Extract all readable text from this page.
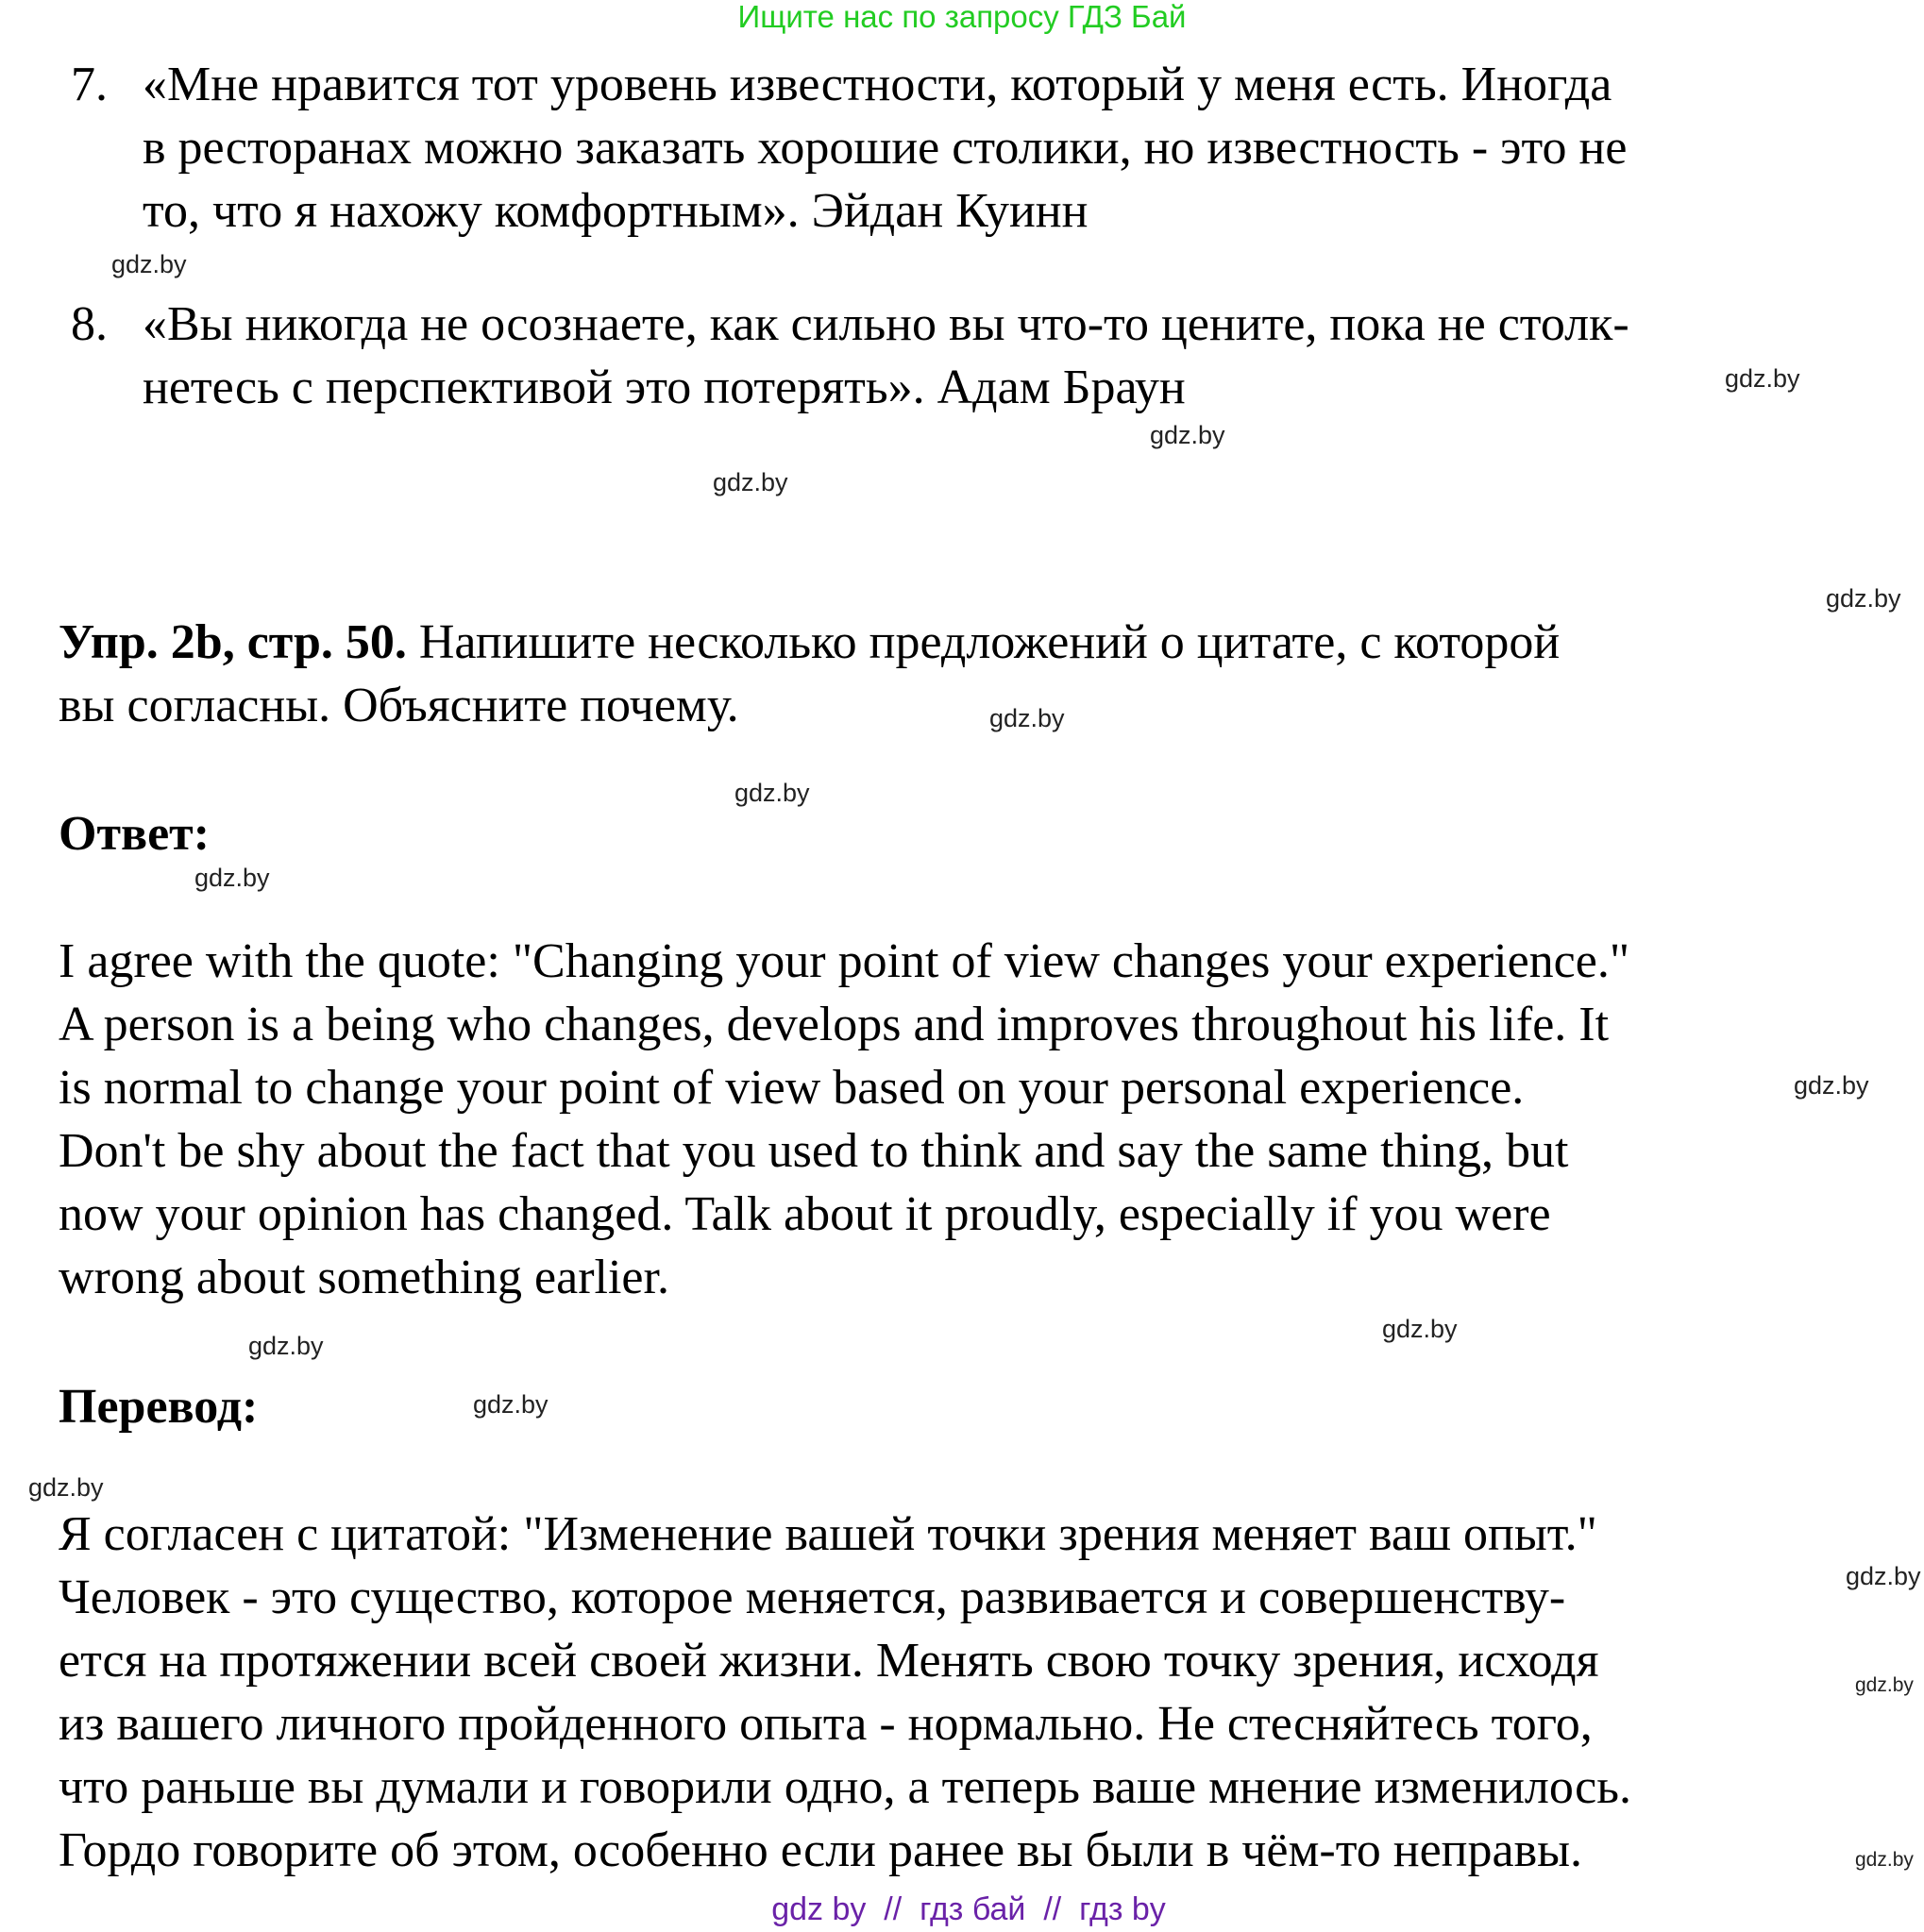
Ищите нас по запросу ГДЗ Бай
7. «Мне нравится тот уровень известности, который у меня есть. Иногда
в ресторанах можно заказать хорошие столики, но известность - это не
то, что я нахожу комфортным». Эйдан Куинн
8. «Вы никогда не осознаете, как сильно вы что-то цените, пока не столк-
нетесь с перспективой это потерять». Адам Браун
Упр. 2b, стр. 50. Напишите несколько предложений о цитате, с которой
вы согласны. Объясните почему.
Ответ:
I agree with the quote: "Changing your point of view changes your experience."
A person is a being who changes, develops and improves throughout his life. It
is normal to change your point of view based on your personal experience.
Don't be shy about the fact that you used to think and say the same thing, but
now your opinion has changed. Talk about it proudly, especially if you were
wrong about something earlier.
Перевод:
Я согласен с цитатой: "Изменение вашей точки зрения меняет ваш опыт."
Человек - это существо, которое меняется, развивается и совершенству-
ется на протяжении всей своей жизни. Менять свою точку зрения, исходя
из вашего личного пройденного опыта - нормально. Не стесняйтесь того,
что раньше вы думали и говорили одно, а теперь ваше мнение изменилось.
Гордо говорите об этом, особенно если ранее вы были в чём-то неправы.
gdz.by
gdz.by
gdz.by
gdz.by
gdz.by
gdz.by
gdz.by
gdz.by
gdz.by
gdz.by
gdz.by
gdz.by
gdz.by
gdz.by
gdz.by
gdz.by
gdz by  //  гдз бай  //  гдз by
